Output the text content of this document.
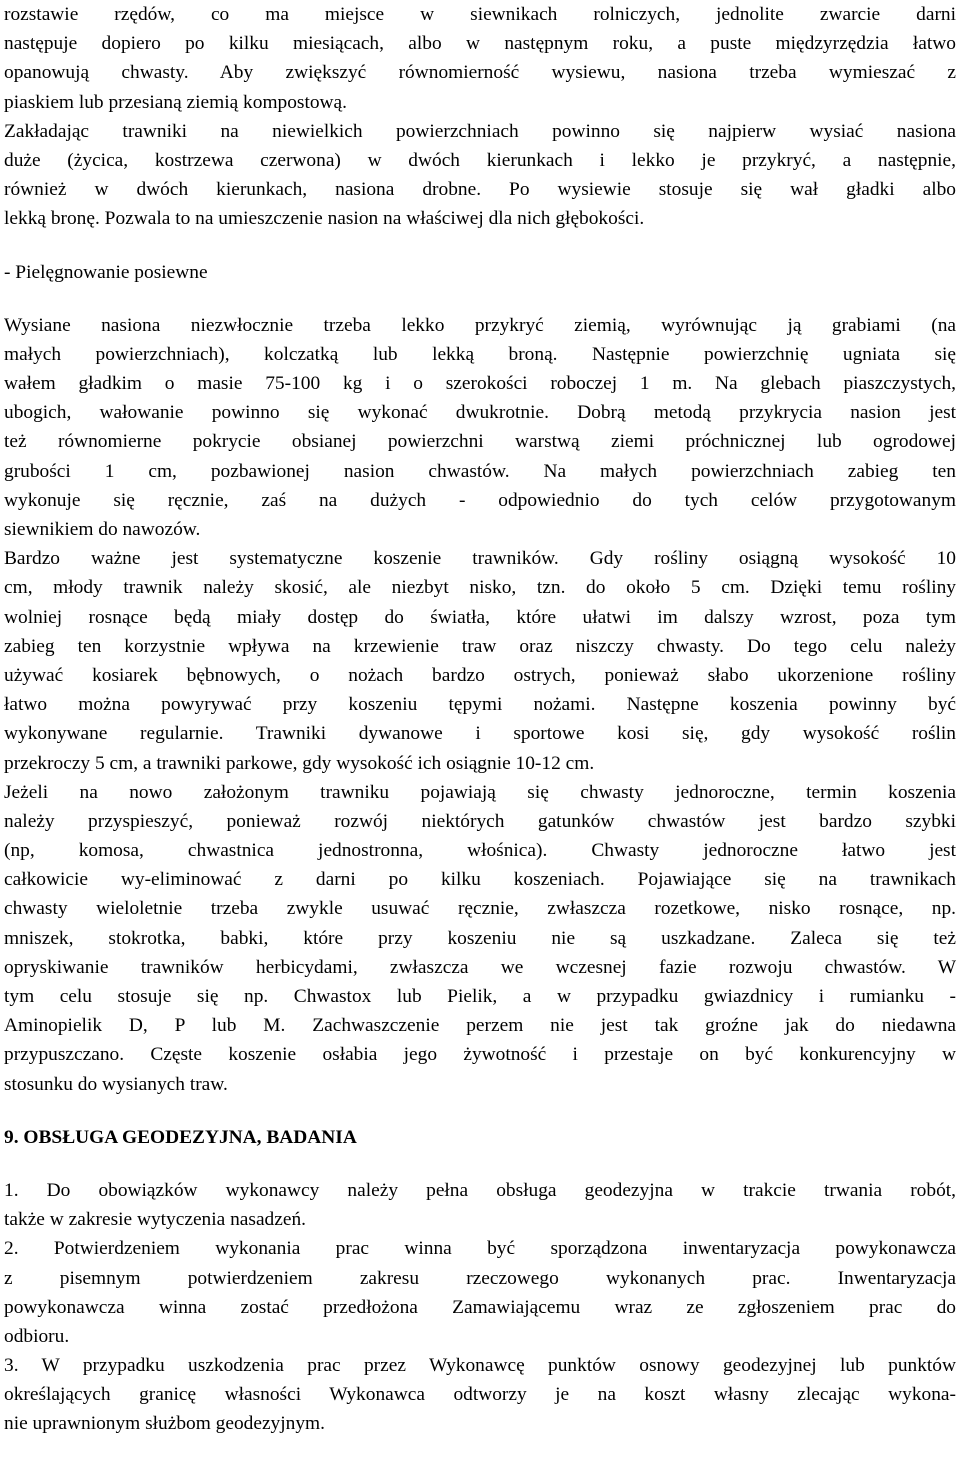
rozstawie rzędów, co ma miejsce w siewnikach rolniczych, jednolite zwarcie darni
następuje dopiero po kilku miesiącach, albo w następnym roku, a puste międzyrzędzia łatwo
opanowują chwasty. Aby zwiększyć równomierność wysiewu, nasiona trzeba wymieszać z
piaskiem lub przesianą ziemią kompostową.
Zakładając trawniki na niewielkich powierzchniach powinno się najpierw wysiać nasiona
duże (życica, kostrzewa czerwona) w dwóch kierunkach i lekko je przykryć, a następnie,
również w dwóch kierunkach, nasiona drobne. Po wysiewie stosuje się wał gładki albo
lekką bronę. Pozwala to na umieszczenie nasion na właściwej dla nich głębokości.
- Pielęgnowanie posiewne
Wysiane nasiona niezwłocznie trzeba lekko przykryć ziemią, wyrównując ją grabiami (na
małych powierzchniach), kolczatką lub lekką broną. Następnie powierzchnię ugniata się
wałem gładkim o masie 75-100 kg i o szerokości roboczej 1 m. Na glebach piaszczystych,
ubogich, wałowanie powinno się wykonać dwukrotnie. Dobrą metodą przykrycia nasion jest
też równomierne pokrycie obsianej powierzchni warstwą ziemi próchnicznej lub ogrodowej
grubości 1 cm, pozbawionej nasion chwastów. Na małych powierzchniach zabieg ten
wykonuje się ręcznie, zaś na dużych - odpowiednio do tych celów przygotowanym
siewnikiem do nawozów.
Bardzo ważne jest systematyczne koszenie trawników. Gdy rośliny osiągną wysokość 10
cm, młody trawnik należy skosić, ale niezbyt nisko, tzn. do około 5 cm. Dzięki temu rośliny
wolniej rosnące będą miały dostęp do światła, które ułatwi im dalszy wzrost, poza tym
zabieg ten korzystnie wpływa na krzewienie traw oraz niszczy chwasty. Do tego celu należy
używać kosiarek bębnowych, o nożach bardzo ostrych, ponieważ słabo ukorzenione rośliny
łatwo można powyrywać przy koszeniu tępymi nożami. Następne koszenia powinny być
wykonywane regularnie. Trawniki dywanowe i sportowe kosi się, gdy wysokość roślin
przekroczy 5 cm, a trawniki parkowe, gdy wysokość ich osiągnie 10-12 cm.
Jeżeli na nowo założonym trawniku pojawiają się chwasty jednoroczne, termin koszenia
należy przyspieszyć, ponieważ rozwój niektórych gatunków chwastów jest bardzo szybki
(np, komosa, chwastnica jednostronna, włośnica). Chwasty jednoroczne łatwo jest
całkowicie wy-eliminować z darni po kilku koszeniach. Pojawiające się na trawnikach
chwasty wieloletnie trzeba zwykle usuwać ręcznie, zwłaszcza rozetkowe, nisko rosnące, np.
mniszek, stokrotka, babki, które przy koszeniu nie są uszkadzane. Zaleca się też
opryskiwanie trawników herbicydami, zwłaszcza we wczesnej fazie rozwoju chwastów. W
tym celu stosuje się np. Chwastox lub Pielik, a w przypadku gwiazdnicy i rumianku -
Aminopielik D, P lub M. Zachwaszczenie perzem nie jest tak groźne jak do niedawna
przypuszczano. Częste koszenie osłabia jego żywotność i przestaje on być konkurencyjny w
stosunku do wysianych traw.
9. OBSŁUGA GEODEZYJNA, BADANIA
1. Do obowiązków wykonawcy należy pełna obsługa geodezyjna w trakcie trwania robót,
także w zakresie wytyczenia nasadzeń.
2. Potwierdzeniem wykonania prac winna być sporządzona inwentaryzacja powykonawcza
z pisemnym potwierdzeniem zakresu rzeczowego wykonanych prac. Inwentaryzacja
powykonawcza winna zostać przedłożona Zamawiającemu wraz ze zgłoszeniem prac do
odbioru.
3. W przypadku uszkodzenia prac przez Wykonawcę punktów osnowy geodezyjnej lub punktów
określających granicę własności Wykonawca odtworzy je na koszt własny zlecając wykona-
nie uprawnionym służbom geodezyjnym.
